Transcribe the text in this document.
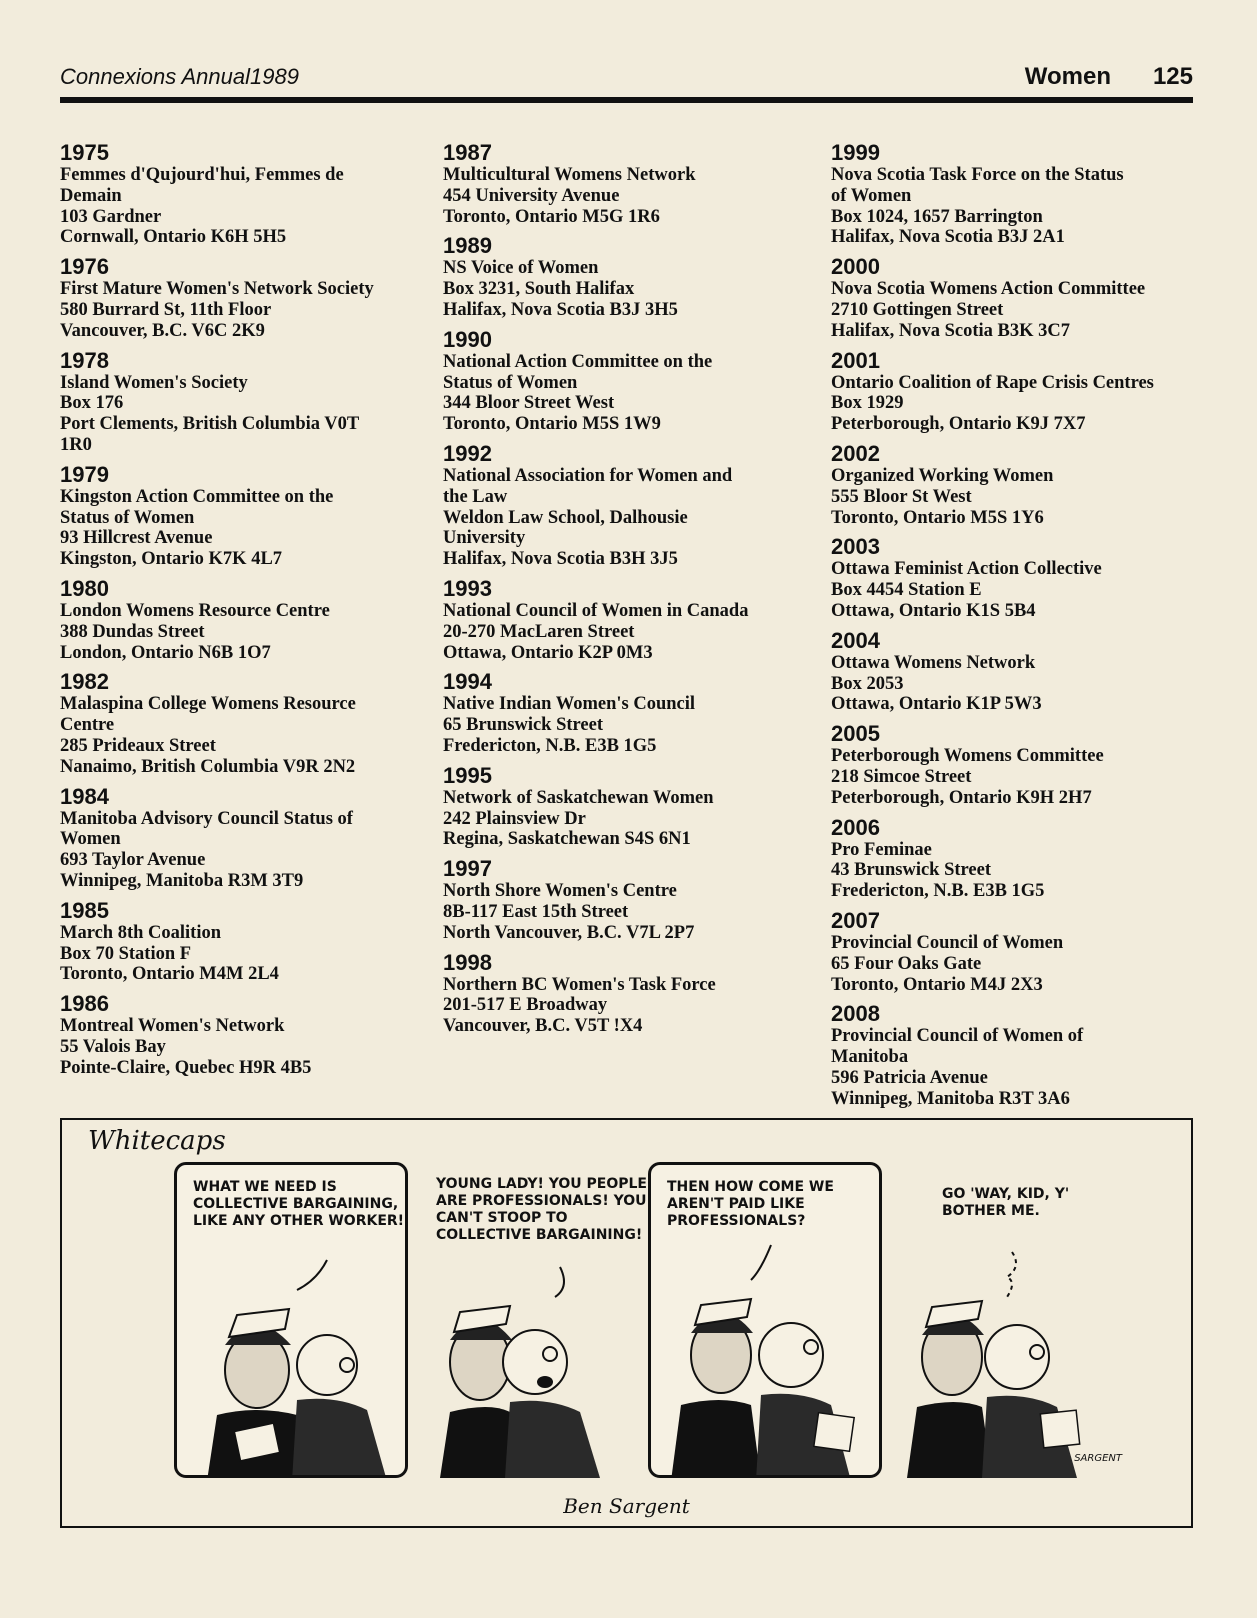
Connexions Annual1989	Women 125
1975
Femmes d'Qujourd'hui, Femmes de
Demain
103 Gardner
Cornwall, Ontario K6H 5H5
1976
First Mature Women's Network Society
580 Burrard St, 11th Floor
Vancouver, B.C. V6C 2K9
1978
Island Women's Society
Box 176
Port Clements, British Columbia V0T
1R0
1979
Kingston Action Committee on the
Status of Women
93 Hillcrest Avenue
Kingston, Ontario K7K 4L7
1980
London Womens Resource Centre
388 Dundas Street
London, Ontario N6B 1O7
1982
Malaspina College Womens Resource
Centre
285 Prideaux Street
Nanaimo, British Columbia V9R 2N2
1984
Manitoba Advisory Council Status of
Women
693 Taylor Avenue
Winnipeg, Manitoba R3M 3T9
1985
March 8th Coalition
Box 70 Station F
Toronto, Ontario M4M 2L4
1986
Montreal Women's Network
55 Valois Bay
Pointe-Claire, Quebec H9R 4B5
1987
Multicultural Womens Network
454 University Avenue
Toronto, Ontario M5G 1R6
1989
NS Voice of Women
Box 3231, South Halifax
Halifax, Nova Scotia B3J 3H5
1990
National Action Committee on the
Status of Women
344 Bloor Street West
Toronto, Ontario M5S 1W9
1992
National Association for Women and
the Law
Weldon Law School, Dalhousie
University
Halifax, Nova Scotia B3H 3J5
1993
National Council of Women in Canada
20-270 MacLaren Street
Ottawa, Ontario K2P 0M3
1994
Native Indian Women's Council
65 Brunswick Street
Fredericton, N.B. E3B 1G5
1995
Network of Saskatchewan Women
242 Plainsview Dr
Regina, Saskatchewan S4S 6N1
1997
North Shore Women's Centre
8B-117 East 15th Street
North Vancouver, B.C. V7L 2P7
1998
Northern BC Women's Task Force
201-517 E Broadway
Vancouver, B.C. V5T !X4
1999
Nova Scotia Task Force on the Status
of Women
Box 1024, 1657 Barrington
Halifax, Nova Scotia B3J 2A1
2000
Nova Scotia Womens Action Committee
2710 Gottingen Street
Halifax, Nova Scotia B3K 3C7
2001
Ontario Coalition of Rape Crisis Centres
Box 1929
Peterborough, Ontario K9J 7X7
2002
Organized Working Women
555 Bloor St West
Toronto, Ontario M5S 1Y6
2003
Ottawa Feminist Action Collective
Box 4454 Station E
Ottawa, Ontario K1S 5B4
2004
Ottawa Womens Network
Box 2053
Ottawa, Ontario K1P 5W3
2005
Peterborough Womens Committee
218 Simcoe Street
Peterborough, Ontario K9H 2H7
2006
Pro Feminae
43 Brunswick Street
Fredericton, N.B. E3B 1G5
2007
Provincial Council of Women
65 Four Oaks Gate
Toronto, Ontario M4J 2X3
2008
Provincial Council of Women of
Manitoba
596 Patricia Avenue
Winnipeg, Manitoba R3T 3A6
Whitecaps
WHAT WE NEED IS COLLECTIVE BARGAINING, LIKE ANY OTHER WORKER!
YOUNG LADY! YOU PEOPLE ARE PROFESSIONALS! YOU CAN'T STOOP TO COLLECTIVE BARGAINING!
THEN HOW COME WE AREN'T PAID LIKE PROFESSIONALS?
GO 'WAY, KID, Y' BOTHER ME.
SARGENT
Ben Sargent
